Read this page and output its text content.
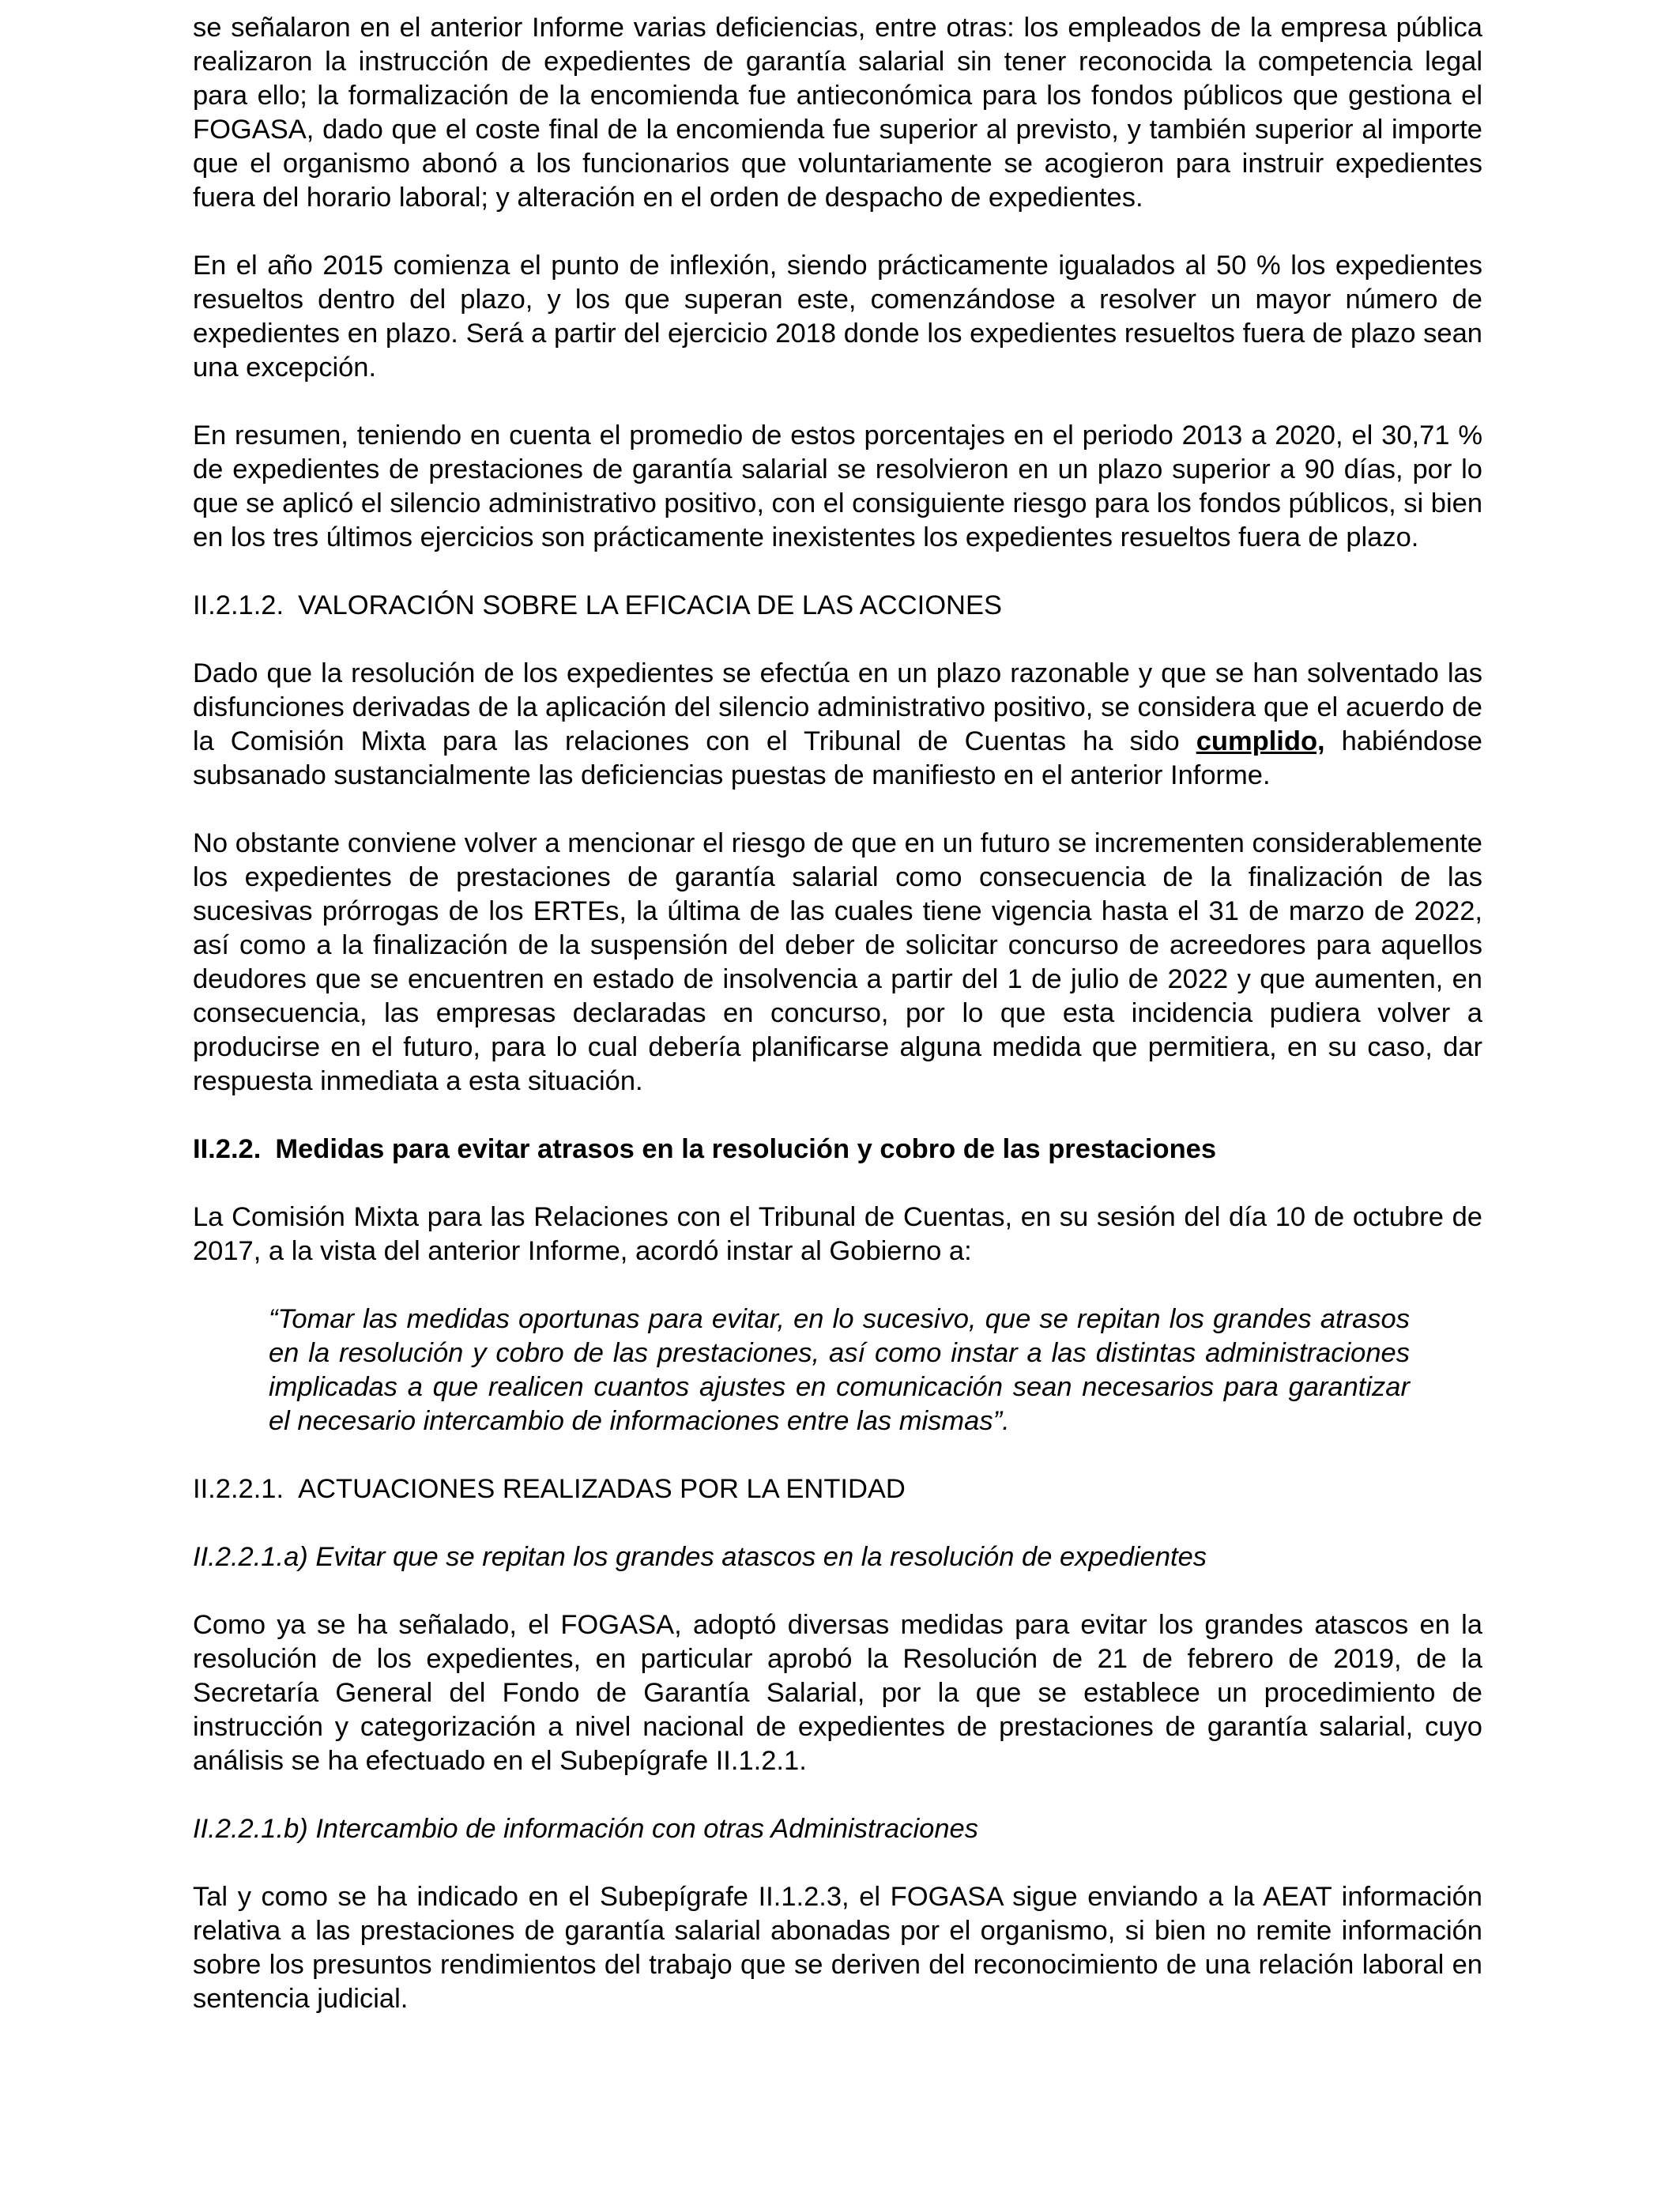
se señalaron en el anterior Informe varias deficiencias, entre otras: los empleados de la empresa pública realizaron la instrucción de expedientes de garantía salarial sin tener reconocida la competencia legal para ello; la formalización de la encomienda fue antieconómica para los fondos públicos que gestiona el FOGASA, dado que el coste final de la encomienda fue superior al previsto, y también superior al importe que el organismo abonó a los funcionarios que voluntariamente se acogieron para instruir expedientes fuera del horario laboral; y alteración en el orden de despacho de expedientes.

En el año 2015 comienza el punto de inflexión, siendo prácticamente igualados al 50 % los expedientes resueltos dentro del plazo, y los que superan este, comenzándose a resolver un mayor número de expedientes en plazo. Será a partir del ejercicio 2018 donde los expedientes resueltos fuera de plazo sean una excepción.

En resumen, teniendo en cuenta el promedio de estos porcentajes en el periodo 2013 a 2020, el 30,71 % de expedientes de prestaciones de garantía salarial se resolvieron en un plazo superior a 90 días, por lo que se aplicó el silencio administrativo positivo, con el consiguiente riesgo para los fondos públicos, si bien en los tres últimos ejercicios son prácticamente inexistentes los expedientes resueltos fuera de plazo.

II.2.1.2. VALORACIÓN SOBRE LA EFICACIA DE LAS ACCIONES

Dado que la resolución de los expedientes se efectúa en un plazo razonable y que se han solventado las disfunciones derivadas de la aplicación del silencio administrativo positivo, se considera que el acuerdo de la Comisión Mixta para las relaciones con el Tribunal de Cuentas ha sido cumplido, habiéndose subsanado sustancialmente las deficiencias puestas de manifiesto en el anterior Informe.

No obstante conviene volver a mencionar el riesgo de que en un futuro se incrementen considerablemente los expedientes de prestaciones de garantía salarial como consecuencia de la finalización de las sucesivas prórrogas de los ERTEs, la última de las cuales tiene vigencia hasta el 31 de marzo de 2022, así como a la finalización de la suspensión del deber de solicitar concurso de acreedores para aquellos deudores que se encuentren en estado de insolvencia a partir del 1 de julio de 2022 y que aumenten, en consecuencia, las empresas declaradas en concurso, por lo que esta incidencia pudiera volver a producirse en el futuro, para lo cual debería planificarse alguna medida que permitiera, en su caso, dar respuesta inmediata a esta situación.

II.2.2. Medidas para evitar atrasos en la resolución y cobro de las prestaciones

La Comisión Mixta para las Relaciones con el Tribunal de Cuentas, en su sesión del día 10 de octubre de 2017, a la vista del anterior Informe, acordó instar al Gobierno a:

“Tomar las medidas oportunas para evitar, en lo sucesivo, que se repitan los grandes atrasos en la resolución y cobro de las prestaciones, así como instar a las distintas administraciones implicadas a que realicen cuantos ajustes en comunicación sean necesarios para garantizar el necesario intercambio de informaciones entre las mismas”.

II.2.2.1. ACTUACIONES REALIZADAS POR LA ENTIDAD

II.2.2.1.a) Evitar que se repitan los grandes atascos en la resolución de expedientes

Como ya se ha señalado, el FOGASA, adoptó diversas medidas para evitar los grandes atascos en la resolución de los expedientes, en particular aprobó la Resolución de 21 de febrero de 2019, de la Secretaría General del Fondo de Garantía Salarial, por la que se establece un procedimiento de instrucción y categorización a nivel nacional de expedientes de prestaciones de garantía salarial, cuyo análisis se ha efectuado en el Subepígrafe II.1.2.1.

II.2.2.1.b) Intercambio de información con otras Administraciones

Tal y como se ha indicado en el Subepígrafe II.1.2.3, el FOGASA sigue enviando a la AEAT información relativa a las prestaciones de garantía salarial abonadas por el organismo, si bien no remite información sobre los presuntos rendimientos del trabajo que se deriven del reconocimiento de una relación laboral en sentencia judicial.
